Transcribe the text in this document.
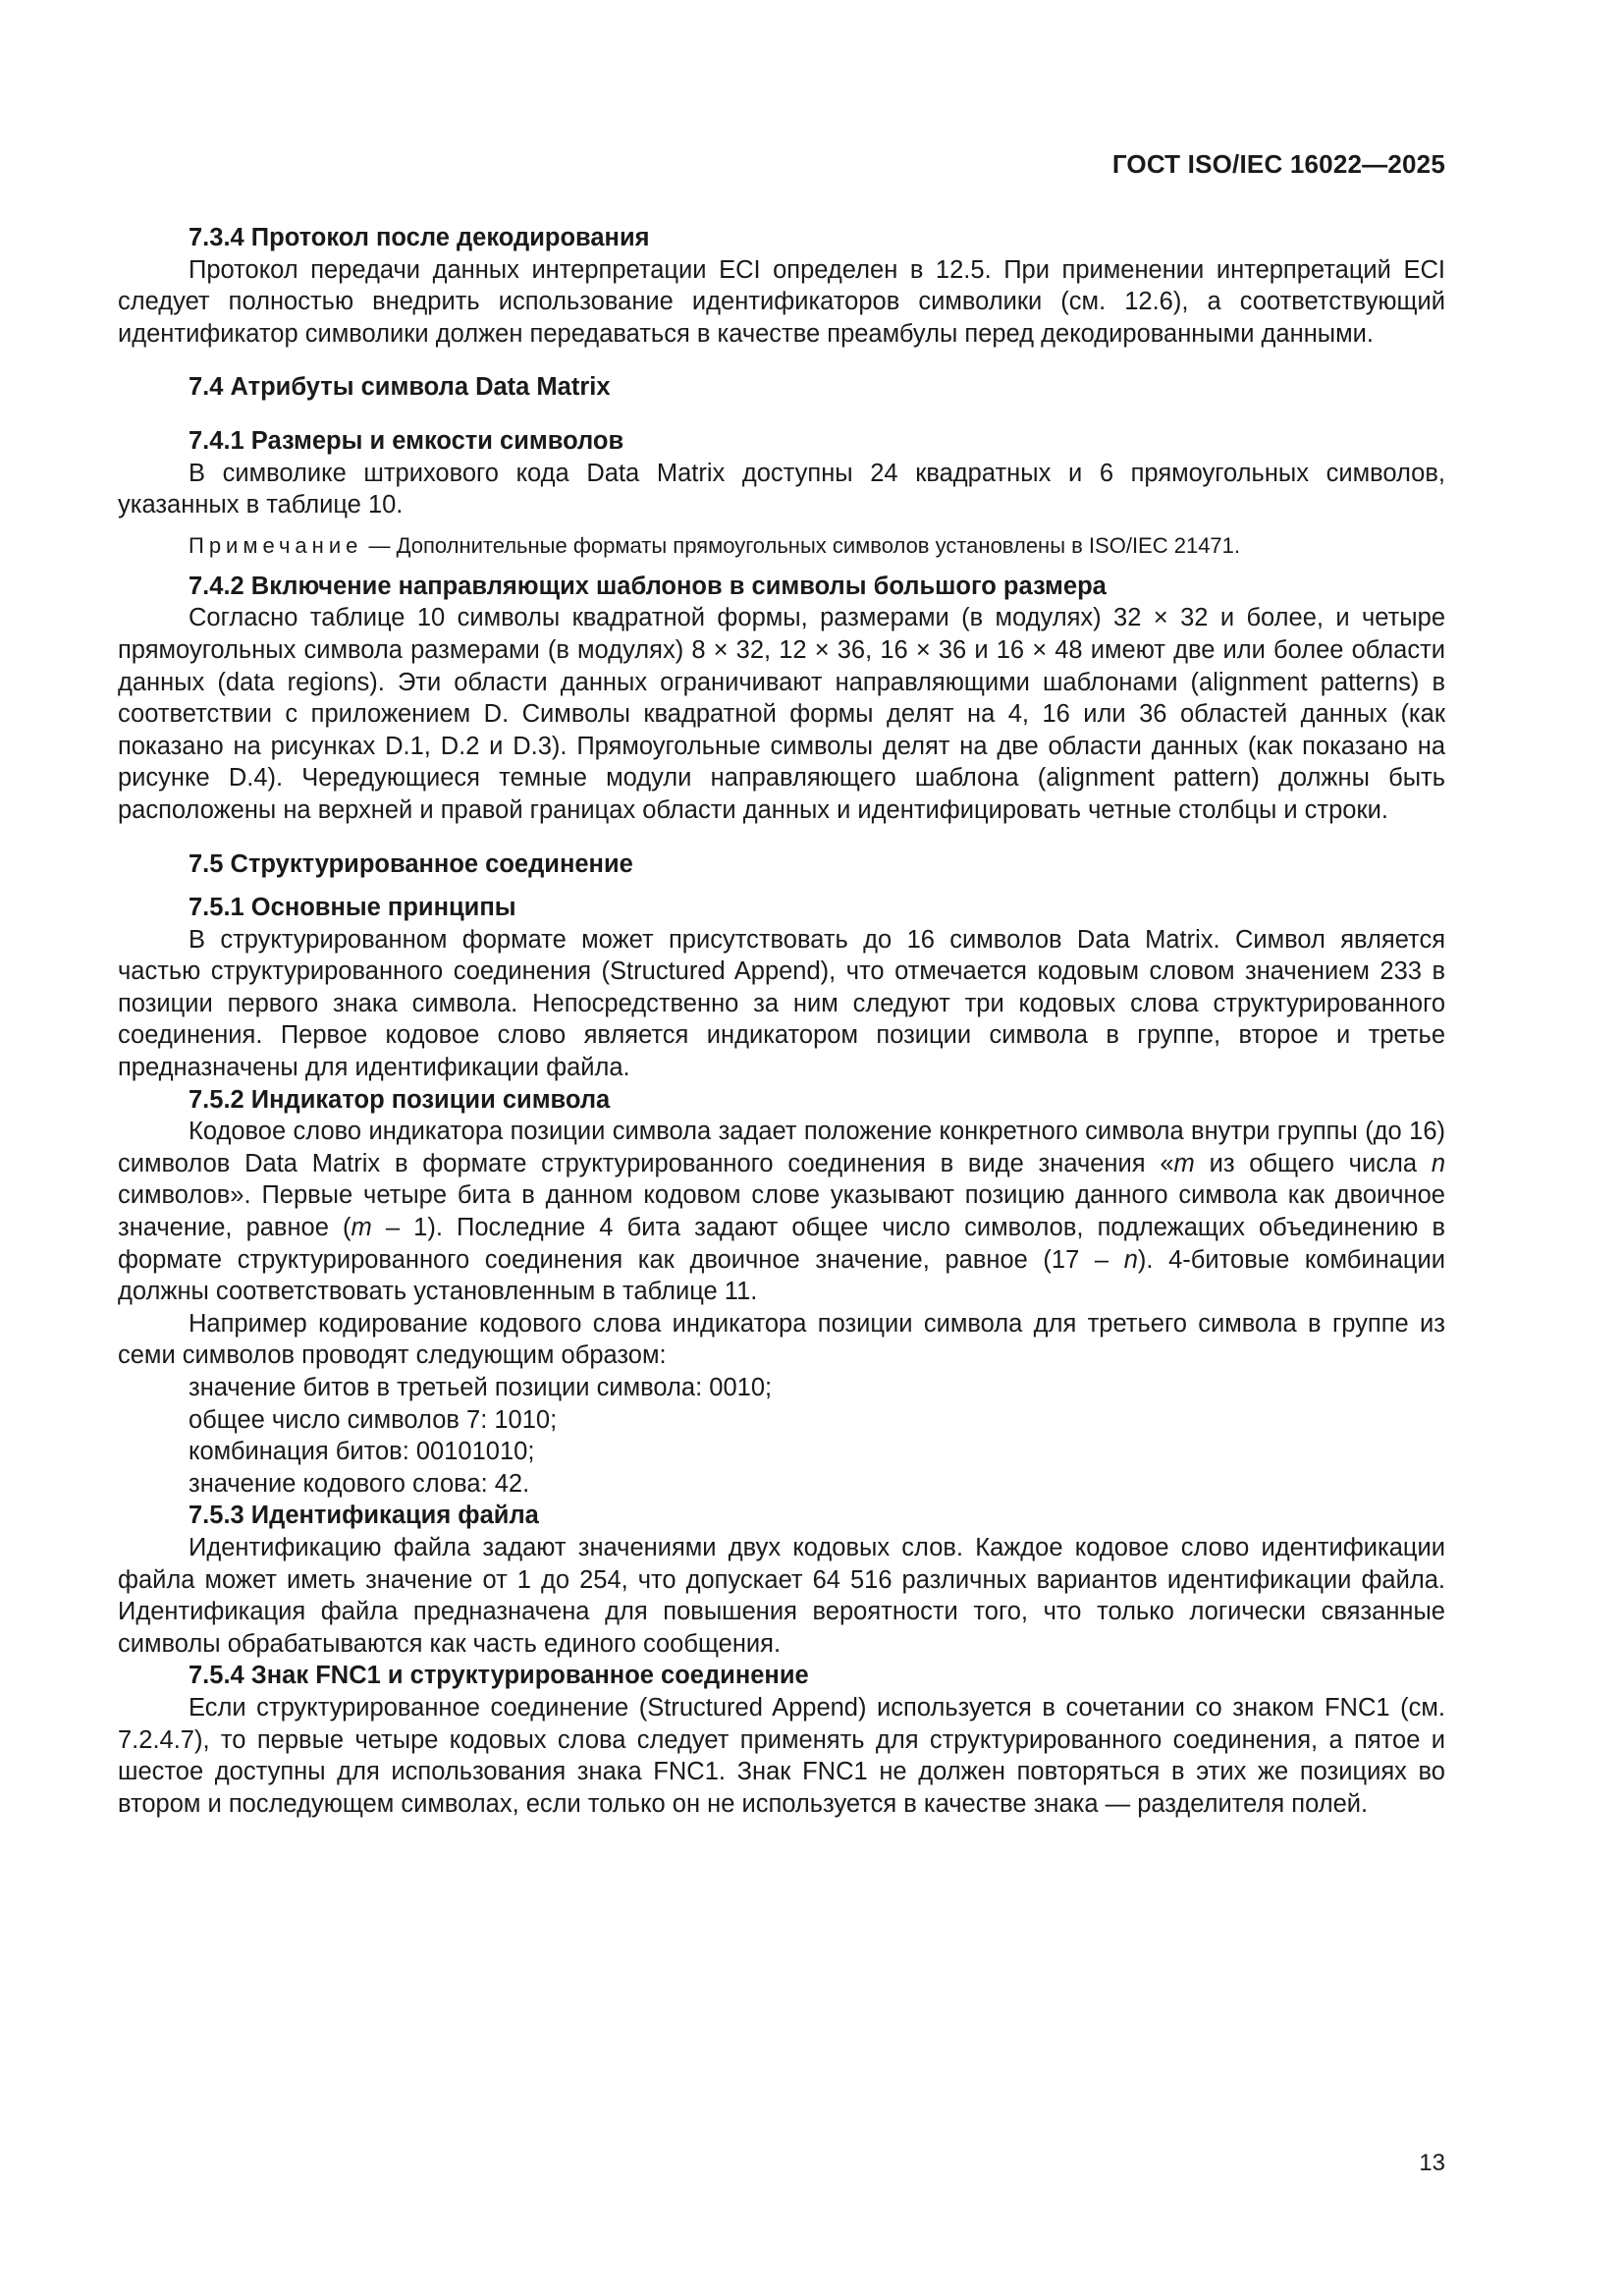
ГОСТ ISO/IEC 16022—2025
7.3.4 Протокол после декодирования

Протокол передачи данных интерпретации ECI определен в 12.5. При применении интерпретаций ECI следует полностью внедрить использование идентификаторов символики (см. 12.6), а соответствующий идентификатор символики должен передаваться в качестве преамбулы перед декодированными данными.

7.4 Атрибуты символа Data Matrix
7.4.1 Размеры и емкости символов

В символике штрихового кода Data Matrix доступны 24 квадратных и 6 прямоугольных символов, указанных в таблице 10.

Примечание — Дополнительные форматы прямоугольных символов установлены в ISO/IEC 21471.

7.4.2 Включение направляющих шаблонов в символы большого размера

Согласно таблице 10 символы квадратной формы, размерами (в модулях) 32 × 32 и более, и четыре прямоугольных символа размерами (в модулях) 8 × 32, 12 × 36, 16 × 36 и 16 × 48 имеют две или более области данных (data regions). Эти области данных ограничивают направляющими шаблонами (alignment patterns) в соответствии с приложением D. Символы квадратной формы делят на 4, 16 или 36 областей данных (как показано на рисунках D.1, D.2 и D.3). Прямоугольные символы делят на две области данных (как показано на рисунке D.4). Чередующиеся темные модули направляющего шаблона (alignment pattern) должны быть расположены на верхней и правой границах области данных и идентифицировать четные столбцы и строки.

7.5 Структурированное соединение
7.5.1 Основные принципы

В структурированном формате может присутствовать до 16 символов Data Matrix. Символ является частью структурированного соединения (Structured Append), что отмечается кодовым словом значением 233 в позиции первого знака символа. Непосредственно за ним следуют три кодовых слова структурированного соединения. Первое кодовое слово является индикатором позиции символа в группе, второе и третье предназначены для идентификации файла.

7.5.2 Индикатор позиции символа

Кодовое слово индикатора позиции символа задает положение конкретного символа внутри группы (до 16) символов Data Matrix в формате структурированного соединения в виде значения «m из общего числа n символов». Первые четыре бита в данном кодовом слове указывают позицию данного символа как двоичное значение, равное (m – 1). Последние 4 бита задают общее число символов, подлежащих объединению в формате структурированного соединения как двоичное значение, равное (17 – n). 4-битовые комбинации должны соответствовать установленным в таблице 11.

Например кодирование кодового слова индикатора позиции символа для третьего символа в группе из семи символов проводят следующим образом:

значение битов в третьей позиции символа: 0010;

общее число символов 7: 1010;

комбинация битов: 00101010;

значение кодового слова: 42.

7.5.3 Идентификация файла

Идентификацию файла задают значениями двух кодовых слов. Каждое кодовое слово идентификации файла может иметь значение от 1 до 254, что допускает 64 516 различных вариантов идентификации файла. Идентификация файла предназначена для повышения вероятности того, что только логически связанные символы обрабатываются как часть единого сообщения.

7.5.4 Знак FNC1 и структурированное соединение

Если структурированное соединение (Structured Append) используется в сочетании со знаком FNC1 (см. 7.2.4.7), то первые четыре кодовых слова следует применять для структурированного соединения, а пятое и шестое доступны для использования знака FNC1. Знак FNC1 не должен повторяться в этих же позициях во втором и последующем символах, если только он не используется в качестве знака — разделителя полей.

13
